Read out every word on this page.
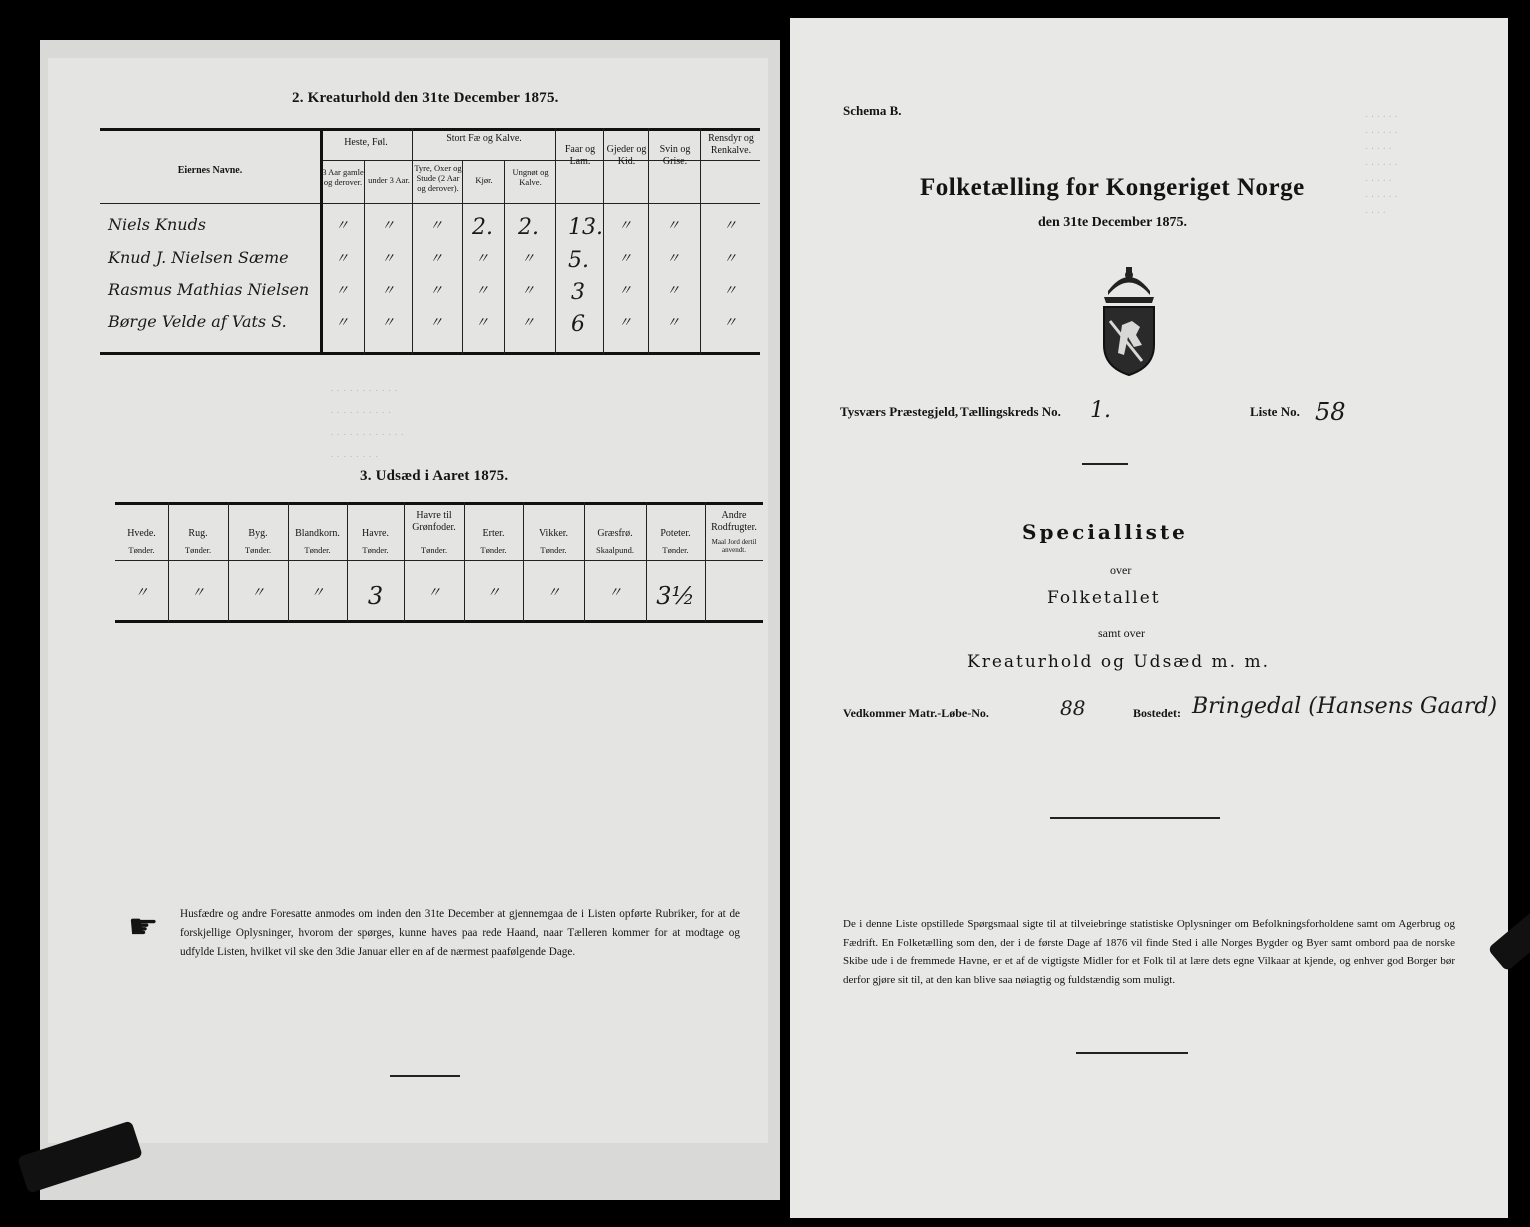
2. Kreaturhold den 31te December 1875.
Eiernes Navne.
Heste, Føl.
3 Aar gamle og derover. under 3 Aar.
Stort Fæ og Kalve.
Tyre, Oxer og Stude (2 Aar og derover).
Kjør.
Ungnøt og Kalve.
Faar og Lam.
Gjeder og Kid.
Svin og Grise.
Rensdyr og Renkalve.
Niels Knuds	〃 〃 〃 2. 2. 13. 〃 〃	〃
Knud J. Nielsen Sæme	〃 〃 〃 〃 〃 5. 〃 〃	〃
Rasmus Mathias Nielsen 〃 〃 〃 〃 〃 3 〃 〃	〃
Børge Velde af Vats S.	〃 〃 〃 〃 〃 6 〃 〃	〃
· · · · · · · · · · ·
· · · · · · · · · ·
· · · · · · · · · · · ·
· · · · · · · ·
3. Udsæd i Aaret 1875.
Hvede.
Tønder.
〃
Rug.
Tønder.
〃
Byg.
Tønder.
〃
Blandkorn.
Tønder.
〃
Havre.
Tønder.
3
Havre til Grønfoder.
Tønder.
〃
Erter.
Tønder.
〃
Vikker.
Tønder.
〃
Græsfrø.
Skaalpund.
〃
Poteter.
Tønder.
3½
Andre Rodfrugter.
Maal Jord dertil anvendt.
☛ Husfædre og andre Foresatte anmodes om inden den 31te December at gjennemgaa de i Listen opførte Rubriker, for at de forskjellige Oplysninger, hvorom der spørges, kunne haves paa rede Haand, naar Tælleren kommer for at modtage og udfylde Listen, hvilket vil ske den 3die Januar eller en af de nærmest paafølgende Dage.
· · · · · ·
· · · · · ·
· · · · ·
· · · · · ·
· · · · ·
· · · · · ·
· · · ·
Schema B.
Folketælling for Kongeriget Norge
den 31te December 1875.
Tysværs Præstegjeld, Tællingskreds No. 1.	Liste No. 58
Specialliste
over
Folketallet
samt over
Kreaturhold og Udsæd m. m.
Vedkommer Matr.-Løbe-No.	88	Bostedet: Bringedal (Hansens Gaard)
De i denne Liste opstillede Spørgsmaal sigte til at tilveiebringe statistiske Oplysninger om Befolkningsforholdene samt om Agerbrug og Fædrift. En Folketælling som den, der i de første Dage af 1876 vil finde Sted i alle Norges Bygder og Byer samt ombord paa de norske Skibe ude i de fremmede Havne, er et af de vigtigste Midler for et Folk til at lære dets egne Vilkaar at kjende, og enhver god Borger bør derfor gjøre sit til, at den kan blive saa nøiagtig og fuldstændig som muligt.
